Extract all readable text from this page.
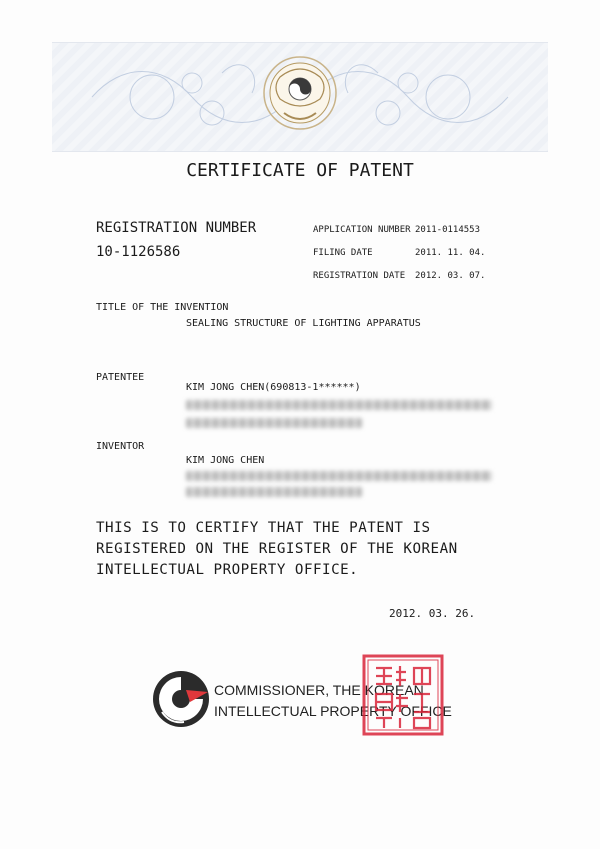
CERTIFICATE OF PATENT
REGISTRATION NUMBER
10-1126586
APPLICATION NUMBER 2011-0114553
FILING DATE	2011. 11. 04.
REGISTRATION DATE	2012. 03. 07.
TITLE OF THE INVENTION
SEALING STRUCTURE OF LIGHTING APPARATUS
PATENTEE
KIM JONG CHEN(690813-1******)
INVENTOR
KIM JONG CHEN
THIS IS TO CERTIFY THAT THE PATENT IS
REGISTERED ON THE REGISTER OF THE KOREAN
INTELLECTUAL PROPERTY OFFICE.
2012. 03. 26.
COMMISSIONER, THE KOREAN
INTELLECTUAL PROPERTY OFFICE
